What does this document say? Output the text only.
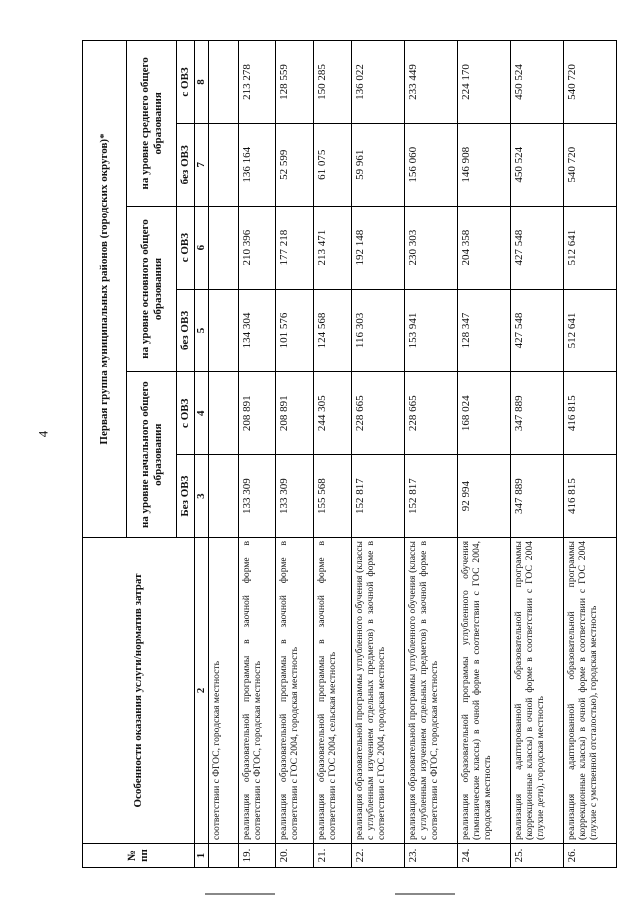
4
№ пп	Особенности оказания услуги/норматив затрат	Первая группа муниципальных районов (городских округов)*					
		на уровне начального общего образования		на уровне основного общего образования		на уровне среднего общего образования	
		Без ОВЗ	с ОВЗ	без ОВЗ	с ОВЗ	без ОВЗ	с ОВЗ
1	2	3	4	5	6	7	8
	соответствии с ФГОС, городская местность						
19.	реализация образовательной программы в заочной форме в соответствии с ФГОС, городская местность	133 309	208 891	134 304	210 396	136 164	213 278
20.	реализация образовательной программы в заочной форме в соответствии с ГОС 2004, городская местность	133 309	208 891	101 576	177 218	52 599	128 559
21.	реализация образовательной программы в заочной форме в соответствии с ГОС 2004, сельская местность	155 568	244 305	124 568	213 471	61 075	150 285
22.	реализация образовательной программы углубленного обучения (классы с углубленным изучением отдельных предметов) в заочной форме в соответствии с ГОС 2004, городская местность	152 817	228 665	116 303	192 148	59 961	136 022
23.	реализация образовательной программы углубленного обучения (классы с углубленным изучением отдельных предметов) в заочной форме в соответствии с ФГОС, городская местность	152 817	228 665	153 941	230 303	156 060	233 449
24.	реализация образовательной программы углубленного обучения (гимназические классы) в очной форме в соответствии с ГОС 2004, городская местность	92 994	168 024	128 347	204 358	146 908	224 170
25.	реализация адаптированной образовательной программы (коррекционные классы) в очной форме в соответствии с ГОС 2004 (глухие дети), городская местность	347 889	347 889	427 548	427 548	450 524	450 524
26.	реализация адаптированной образовательной программы (коррекционные классы) в очной форме в соответствии с ГОС 2004 (глухие с умственной отсталостью), городская местность	416 815	416 815	512 641	512 641	540 720	540 720
